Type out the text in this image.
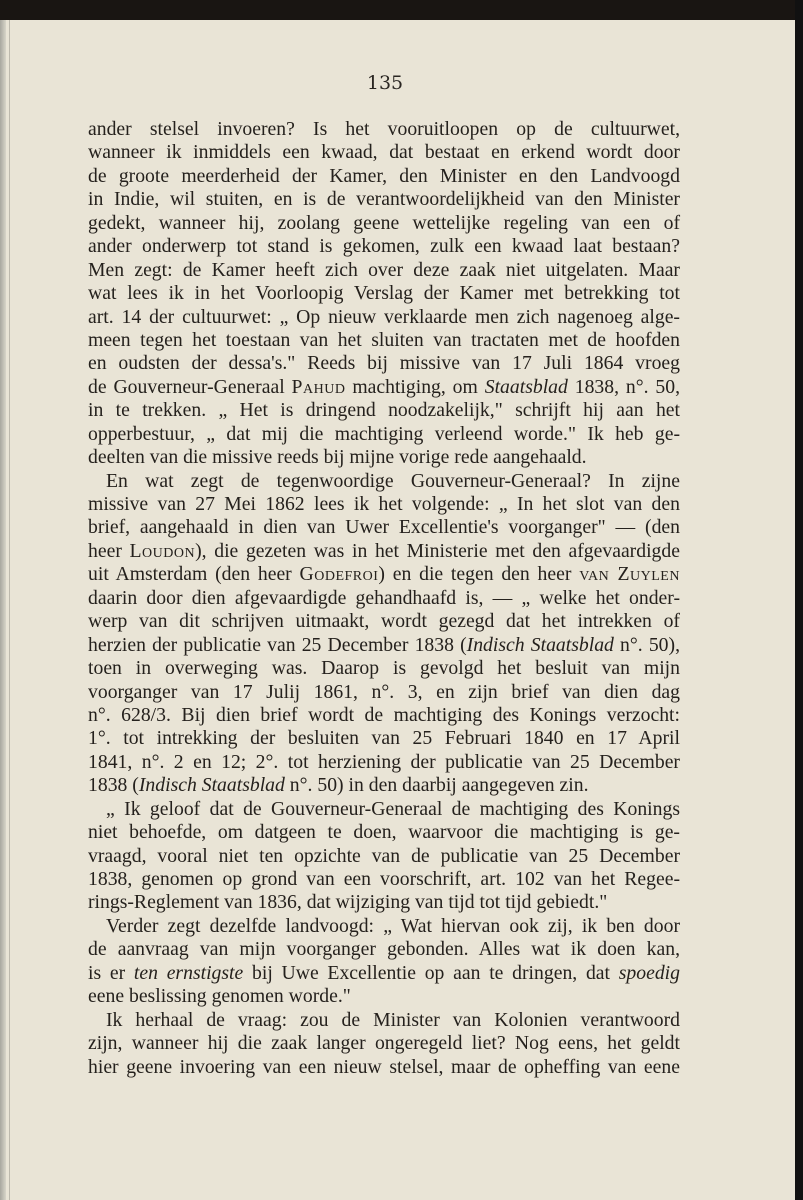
135
ander stelsel invoeren? Is het vooruitloopen op de cultuurwet,
wanneer ik inmiddels een kwaad, dat bestaat en erkend wordt door
de groote meerderheid der Kamer, den Minister en den Landvoogd
in Indie, wil stuiten, en is de verantwoordelijkheid van den Minister
gedekt, wanneer hij, zoolang geene wettelijke regeling van een of
ander onderwerp tot stand is gekomen, zulk een kwaad laat bestaan?
Men zegt: de Kamer heeft zich over deze zaak niet uitgelaten. Maar
wat lees ik in het Voorloopig Verslag der Kamer met betrekking tot
art. 14 der cultuurwet: „ Op nieuw verklaarde men zich nagenoeg alge-
meen tegen het toestaan van het sluiten van tractaten met de hoofden
en oudsten der dessa's." Reeds bij missive van 17 Juli 1864 vroeg
de Gouverneur-Generaal Pahud machtiging, om Staatsblad 1838, n°. 50,
in te trekken. „ Het is dringend noodzakelijk," schrijft hij aan het
opperbestuur, „ dat mij die machtiging verleend worde." Ik heb ge-
deelten van die missive reeds bij mijne vorige rede aangehaald.
En wat zegt de tegenwoordige Gouverneur-Generaal? In zijne
missive van 27 Mei 1862 lees ik het volgende: „ In het slot van den
brief, aangehaald in dien van Uwer Excellentie's voorganger" — (den
heer Loudon), die gezeten was in het Ministerie met den afgevaardigde
uit Amsterdam (den heer Godefroi) en die tegen den heer van Zuylen
daarin door dien afgevaardigde gehandhaafd is, — „ welke het onder-
werp van dit schrijven uitmaakt, wordt gezegd dat het intrekken of
herzien der publicatie van 25 December 1838 (Indisch Staatsblad n°. 50),
toen in overweging was. Daarop is gevolgd het besluit van mijn
voorganger van 17 Julij 1861, n°. 3, en zijn brief van dien dag
n°. 628/3. Bij dien brief wordt de machtiging des Konings verzocht:
1°. tot intrekking der besluiten van 25 Februari 1840 en 17 April
1841, n°. 2 en 12; 2°. tot herziening der publicatie van 25 December
1838 (Indisch Staatsblad n°. 50) in den daarbij aangegeven zin.
„ Ik geloof dat de Gouverneur-Generaal de machtiging des Konings
niet behoefde, om datgeen te doen, waarvoor die machtiging is ge-
vraagd, vooral niet ten opzichte van de publicatie van 25 December
1838, genomen op grond van een voorschrift, art. 102 van het Regee-
rings-Reglement van 1836, dat wijziging van tijd tot tijd gebiedt."
Verder zegt dezelfde landvoogd: „ Wat hiervan ook zij, ik ben door
de aanvraag van mijn voorganger gebonden. Alles wat ik doen kan,
is er ten ernstigste bij Uwe Excellentie op aan te dringen, dat spoedig
eene beslissing genomen worde."
Ik herhaal de vraag: zou de Minister van Kolonien verantwoord
zijn, wanneer hij die zaak langer ongeregeld liet? Nog eens, het geldt
hier geene invoering van een nieuw stelsel, maar de opheffing van eene
